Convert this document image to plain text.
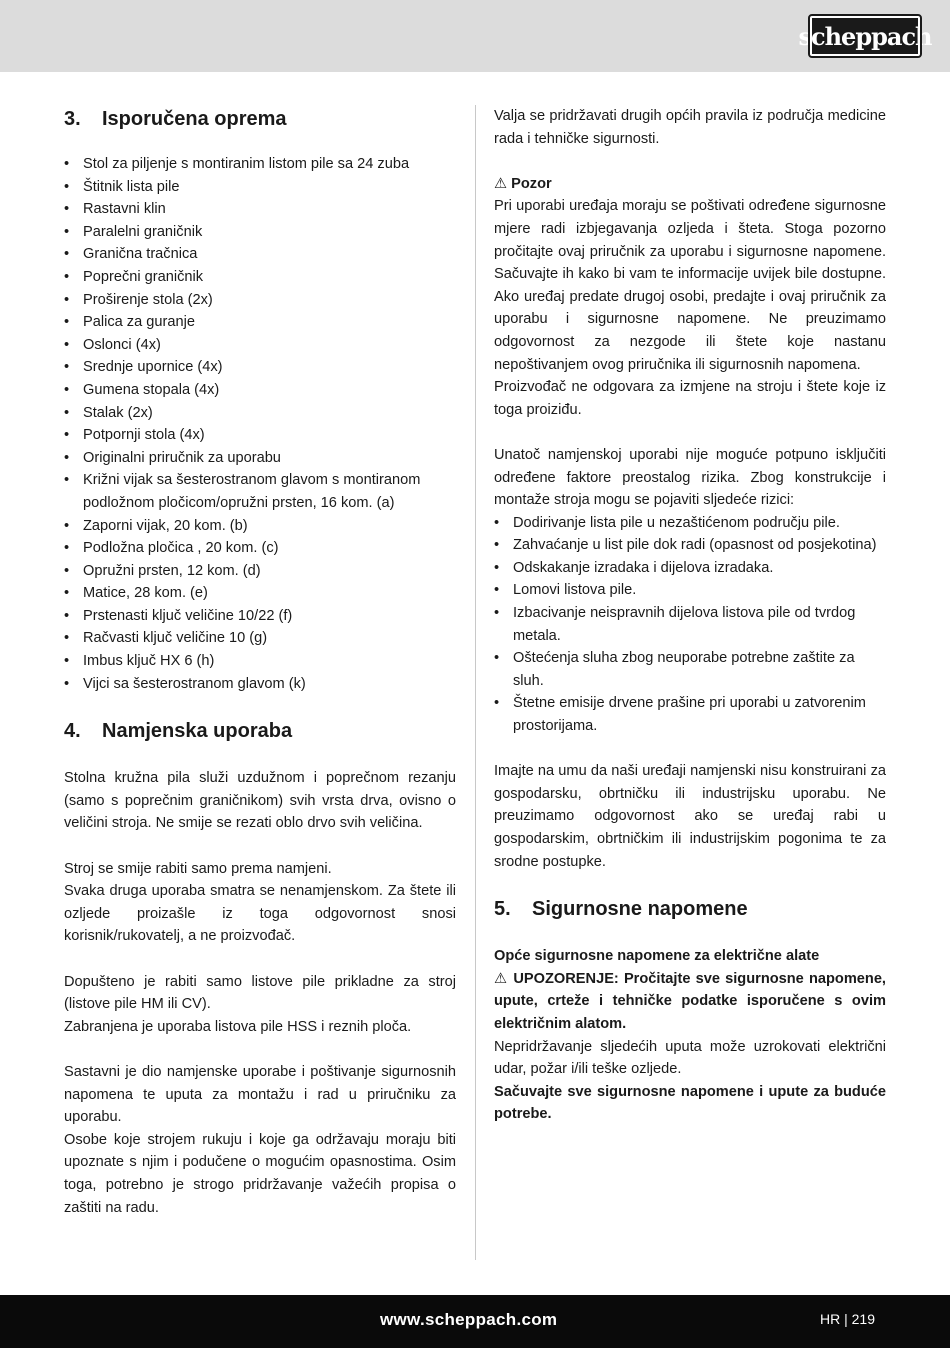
scheppach
3.	Isporučena oprema
• Stol za piljenje s montiranim listom pile sa 24 zuba
• Štitnik lista pile
• Rastavni klin
• Paralelni graničnik
• Granična tračnica
• Poprečni graničnik
• Proširenje stola (2x)
• Palica za guranje
• Oslonci (4x)
• Srednje upornice (4x)
• Gumena stopala (4x)
• Stalak (2x)
• Potpornji stola (4x)
• Originalni priručnik za uporabu
• Križni vijak sa šesterostranom glavom s montiranom podložnom pločicom/opružni prsten, 16 kom. (a)
• Zaporni vijak, 20 kom. (b)
• Podložna pločica , 20 kom. (c)
• Opružni prsten, 12 kom. (d)
• Matice, 28 kom. (e)
• Prstenasti ključ veličine 10/22 (f)
• Račvasti ključ veličine 10 (g)
• Imbus ključ HX 6 (h)
• Vijci sa šesterostranom glavom (k)
4.	Namjenska uporaba

Stolna kružna pila služi uzdužnom i poprečnom rezanju (samo s poprečnim graničnikom) svih vrsta drva, ovisno o veličini stroja. Ne smije se rezati oblo drvo svih veličina.

Stroj se smije rabiti samo prema namjeni.

Svaka druga uporaba smatra se nenamjenskom. Za štete ili ozljede proizašle iz toga odgovornost snosi korisnik/rukovatelj, a ne proizvođač.

Dopušteno je rabiti samo listove pile prikladne za stroj (listove pile HM ili CV).

Zabranjena je uporaba listova pile HSS i reznih ploča.

Sastavni je dio namjenske uporabe i poštivanje sigurnosnih napomena te uputa za montažu i rad u priručniku za uporabu.

Osobe koje strojem rukuju i koje ga održavaju moraju biti upoznate s njim i podučene o mogućim opasnostima. Osim toga, potrebno je strogo pridržavanje važećih propisa o zaštiti na radu.

Valja se pridržavati drugih općih pravila iz područja medicine rada i tehničke sigurnosti.

⚠ Pozor

Pri uporabi uređaja moraju se poštivati određene sigurnosne mjere radi izbjegavanja ozljeda i šteta. Stoga pozorno pročitajte ovaj priručnik za uporabu i sigurnosne napomene. Sačuvajte ih kako bi vam te informacije uvijek bile dostupne. Ako uređaj predate drugoj osobi, predajte i ovaj priručnik za uporabu i sigurnosne napomene. Ne preuzimamo odgovornost za nezgode ili štete koje nastanu nepoštivanjem ovog priručnika ili sigurnosnih napomena.

Proizvođač ne odgovara za izmjene na stroju i štete koje iz toga proiziđu.

Unatoč namjenskoj uporabi nije moguće potpuno isključiti određene faktore preostalog rizika. Zbog konstrukcije i montaže stroja mogu se pojaviti sljedeće rizici:

• Dodirivanje lista pile u nezaštićenom području pile.
• Zahvaćanje u list pile dok radi (opasnost od posjekotina)
• Odskakanje izradaka i dijelova izradaka.
• Lomovi listova pile.
• Izbacivanje neispravnih dijelova listova pile od tvrdog metala.
• Oštećenja sluha zbog neuporabe potrebne zaštite za sluh.
• Štetne emisije drvene prašine pri uporabi u zatvorenim prostorijama.

Imajte na umu da naši uređaji namjenski nisu konstruirani za gospodarsku, obrtničku ili industrijsku uporabu. Ne preuzimamo odgovornost ako se uređaj rabi u gospodarskim, obrtničkim ili industrijskim pogonima te za srodne postupke.

5.	Sigurnosne napomene

Opće sigurnosne napomene za električne alate

⚠ UPOZORENJE: Pročitajte sve sigurnosne napomene, upute, crteže i tehničke podatke isporučene s ovim električnim alatom.

Nepridržavanje sljedećih uputa može uzrokovati električni udar, požar i/ili teške ozljede.

Sačuvajte sve sigurnosne napomene i upute za buduće potrebe.

www.scheppach.com	HR | 219
